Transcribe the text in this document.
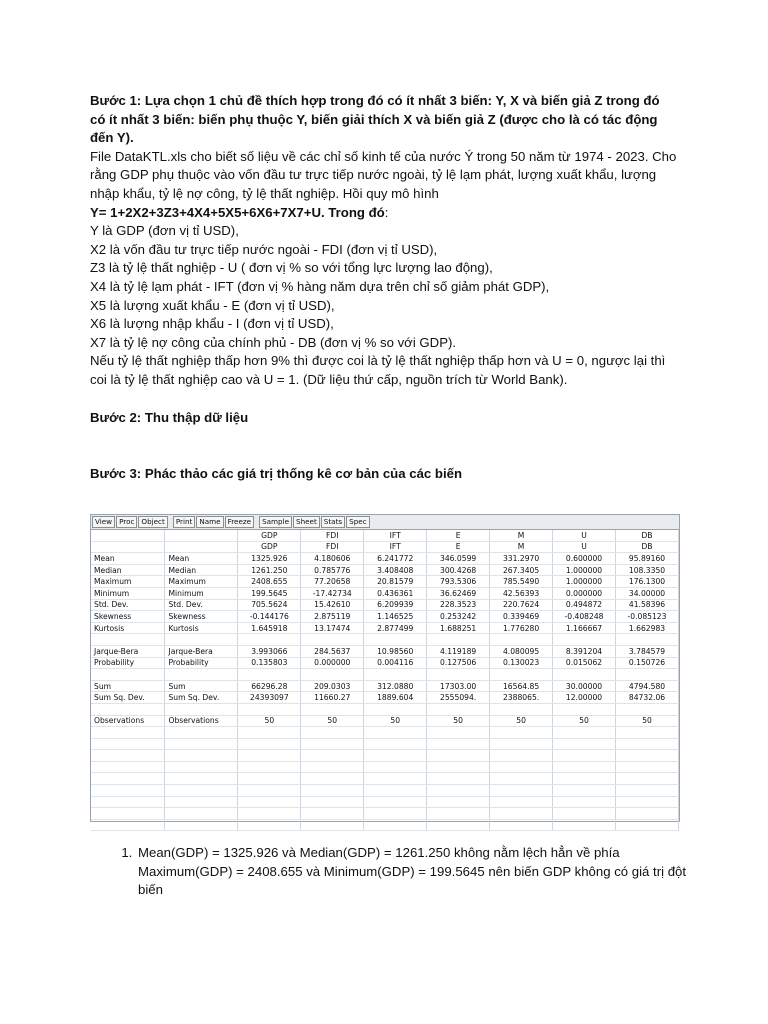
Bước 1: Lựa chọn 1 chủ đề thích hợp trong đó có ít nhất 3 biến: Y, X và biến giả Z trong đó có ít nhất 3 biến: biến phụ thuộc Y, biến giải thích X và biến giả Z (được cho là có tác động đến Y).

File DataKTL.xls cho biết số liệu về các chỉ số kinh tế của nước Ý trong 50 năm từ 1974 - 2023. Cho rằng GDP phụ thuộc vào vốn đầu tư trực tiếp nước ngoài, tỷ lệ lạm phát, lượng xuất khẩu, lượng nhập khẩu, tỷ lệ nợ công, tỷ lệ thất nghiệp. Hồi quy mô hình

Y= 1+2X2+3Z3+4X4+5X5+6X6+7X7+U. Trong đó:

Y là GDP (đơn vị tỉ USD),

X2 là vốn đầu tư trực tiếp nước ngoài - FDI (đơn vị tỉ USD),

Z3 là tỷ lệ thất nghiệp - U ( đơn vị % so với tổng lực lượng lao động),

X4 là tỷ lệ lạm phát - IFT (đơn vị % hàng năm dựa trên chỉ số giảm phát GDP),

X5 là lượng xuất khẩu - E (đơn vị tỉ USD),

X6 là lượng nhập khẩu - I (đơn vị tỉ USD),

X7 là tỷ lệ nợ công của chính phủ - DB (đơn vị % so với GDP).

Nếu tỷ lệ thất nghiệp thấp hơn 9% thì được coi là tỷ lệ thất nghiệp thấp hơn và U = 0, ngược lại thì coi là tỷ lệ thất nghiệp cao và U = 1. (Dữ liệu thứ cấp, nguồn trích từ World Bank).

Bước 2: Thu thập dữ liệu

Bước 3: Phác thảo các giá trị thống kê cơ bản của các biến

View Proc Object	Print Name Freeze	Sample Sheet Stats Spec
		GDP	FDI	IFT	E	M	U	DB
		GDP	FDI	IFT	E	M	U	DB
Mean	Mean	1325.926	4.180606	6.241772	346.0599	331.2970	0.600000	95.89160
Median	Median	1261.250	0.785776	3.408408	300.4268	267.3405	1.000000	108.3350
Maximum	Maximum	2408.655	77.20658	20.81579	793.5306	785.5490	1.000000	176.1300
Minimum	Minimum	199.5645	-17.42734	0.436361	36.62469	42.56393	0.000000	34.00000
Std. Dev.	Std. Dev.	705.5624	15.42610	6.209939	228.3523	220.7624	0.494872	41.58396
Skewness	Skewness	-0.144176	2.875119	1.146525	0.253242	0.339469	-0.408248	-0.085123
Kurtosis	Kurtosis	1.645918	13.17474	2.877499	1.688251	1.776280	1.166667	1.662983

Jarque-Bera	Jarque-Bera	3.993066	284.5637	10.98560	4.119189	4.080095	8.391204	3.784579
Probability	Probability	0.135803	0.000000	0.004116	0.127506	0.130023	0.015062	0.150726

Sum	Sum	66296.28	209.0303	312.0880	17303.00	16564.85	30.00000	4794.580
Sum Sq. Dev.	Sum Sq. Dev.	24393097	11660.27	1889.604	2555094.	2388065.	12.00000	84732.06

Observations	Observations	50	50	50	50	50	50	50

1. Mean(GDP) = 1325.926 và Median(GDP) = 1261.250 không nằm lệch hẳn về phía Maximum(GDP) = 2408.655 và Minimum(GDP) = 199.5645 nên biến GDP không có giá trị đột biến
